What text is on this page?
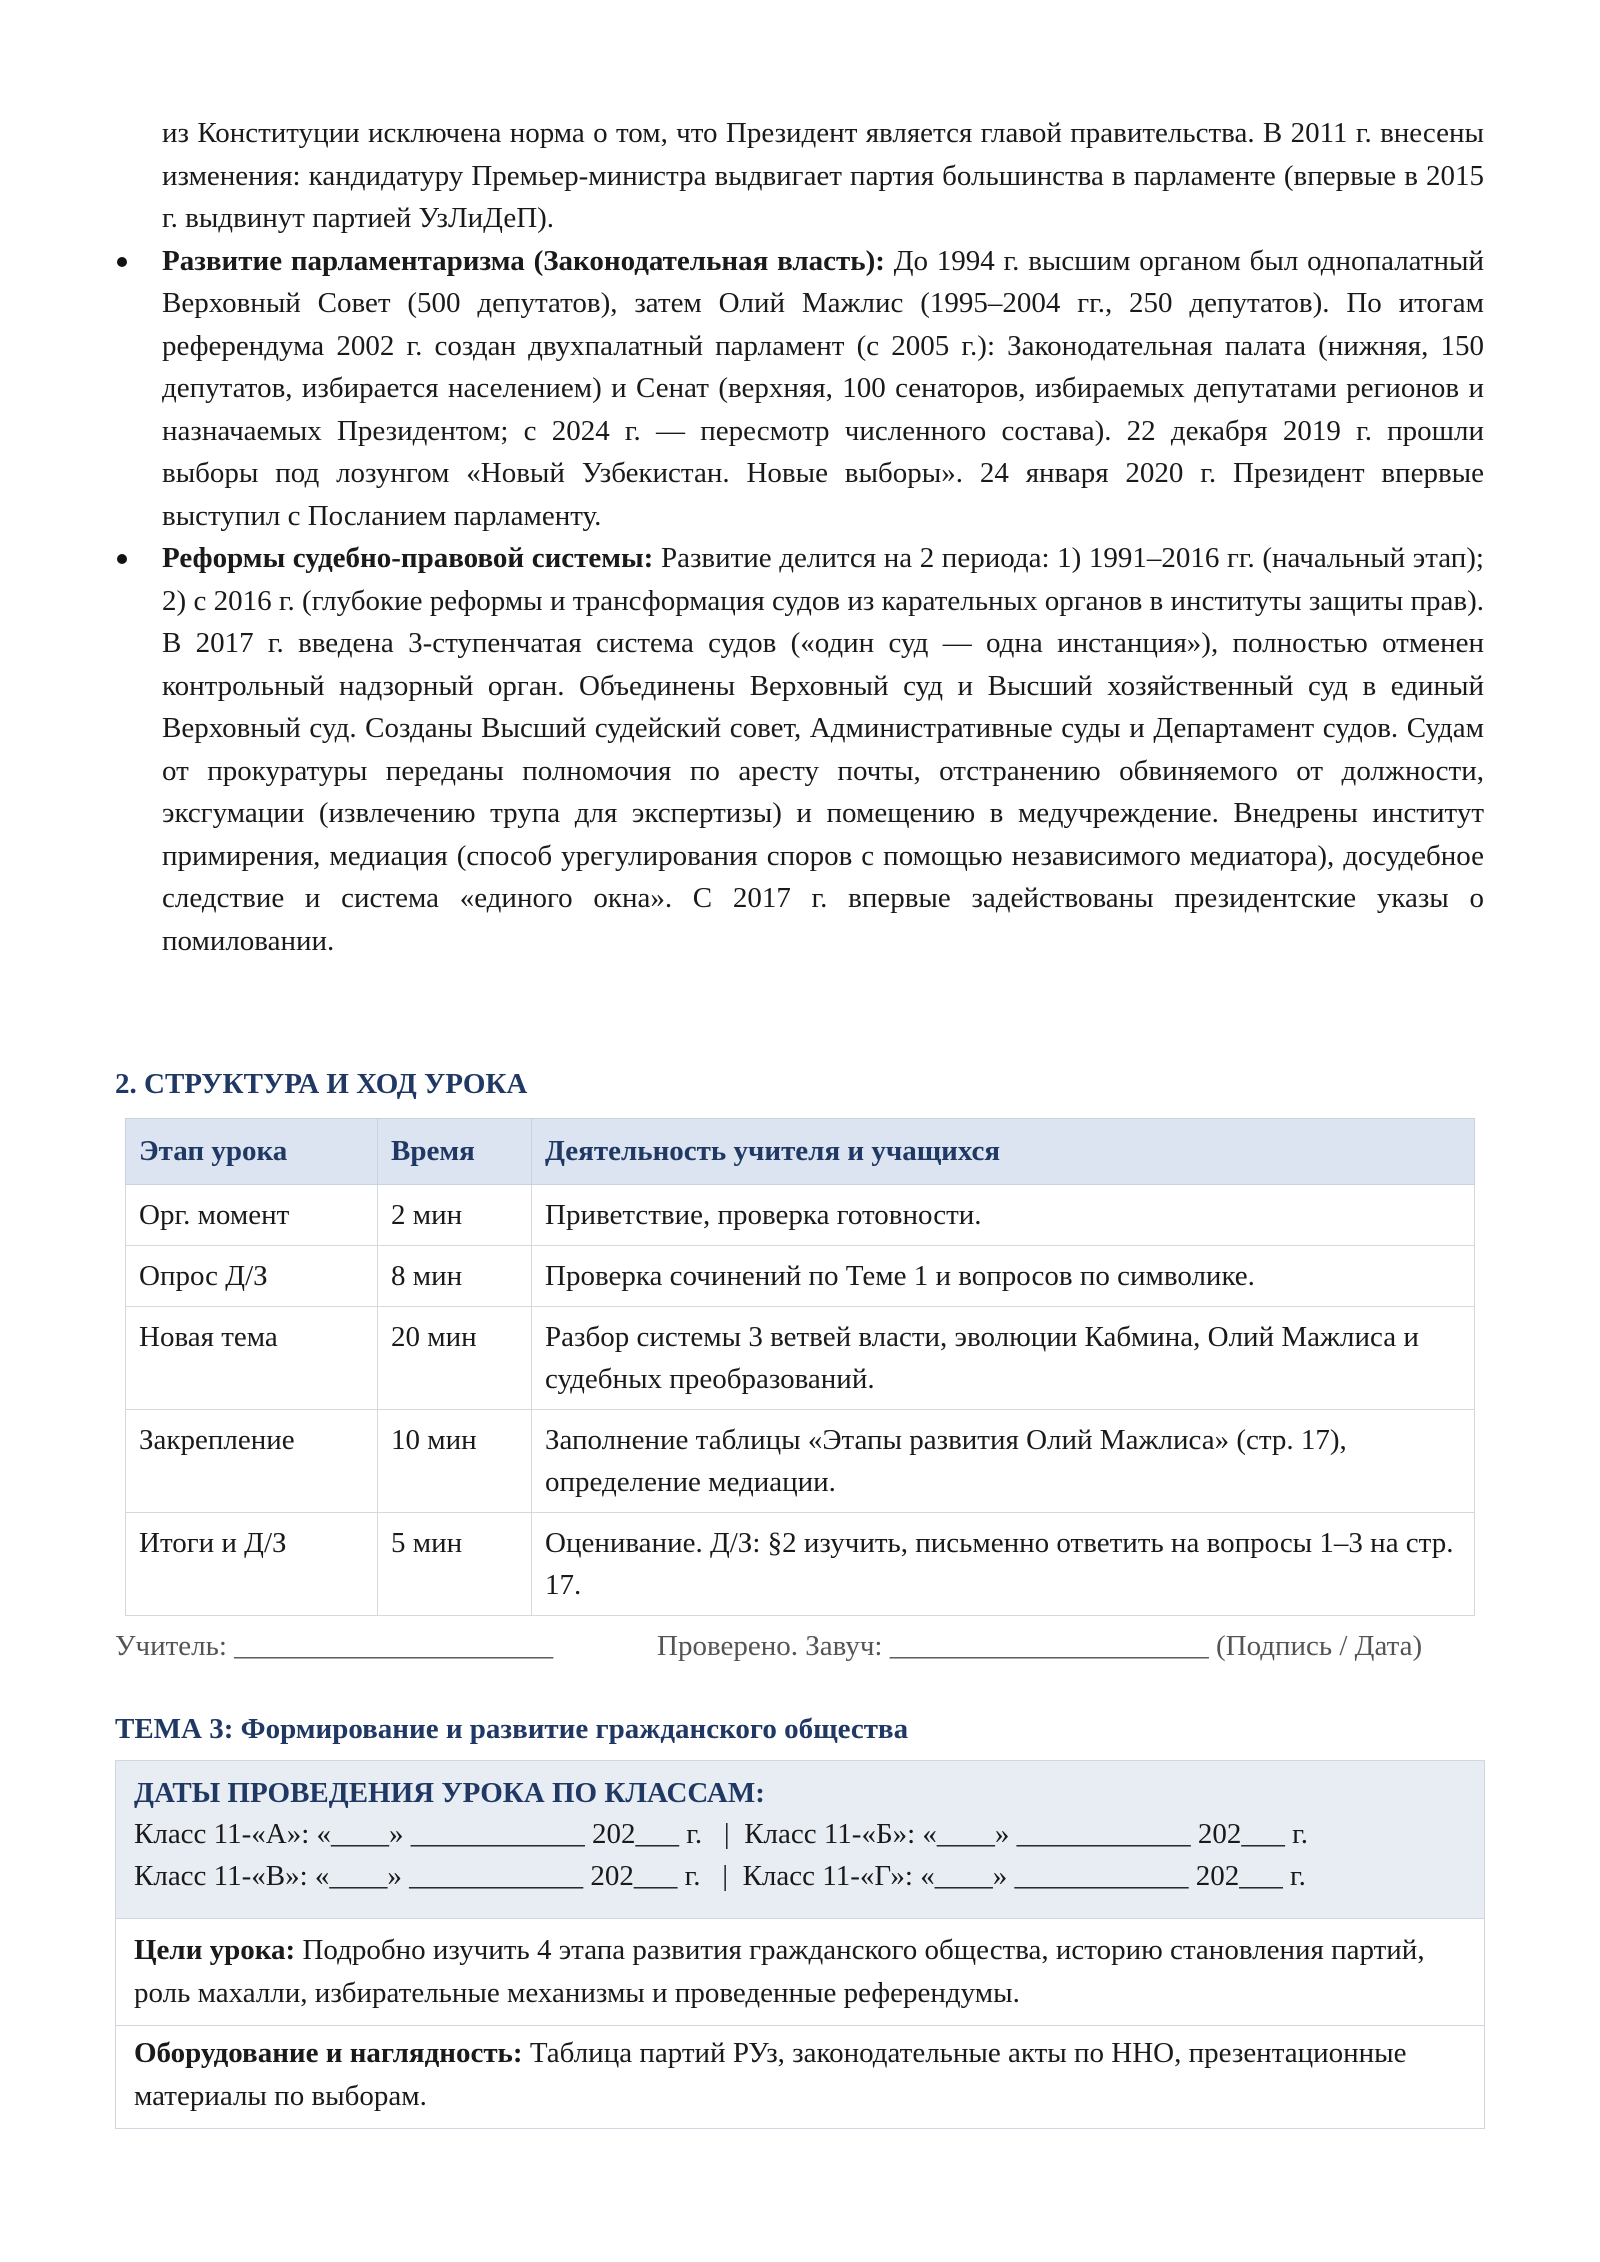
из Конституции исключена норма о том, что Президент является главой правительства. В 2011 г. внесены изменения: кандидатуру Премьер-министра выдвигает партия большинства в парламенте (впервые в 2015 г. выдвинут партией УзЛиДеП).

Развитие парламентаризма (Законодательная власть): До 1994 г. высшим органом был однопалатный Верховный Совет (500 депутатов), затем Олий Мажлис (1995–2004 гг., 250 депутатов). По итогам референдума 2002 г. создан двухпалатный парламент (с 2005 г.): Законодательная палата (нижняя, 150 депутатов, избирается населением) и Сенат (верхняя, 100 сенаторов, избираемых депутатами регионов и назначаемых Президентом; с 2024 г. — пересмотр численного состава). 22 декабря 2019 г. прошли выборы под лозунгом «Новый Узбекистан. Новые выборы». 24 января 2020 г. Президент впервые выступил с Посланием парламенту.

Реформы судебно-правовой системы: Развитие делится на 2 периода: 1) 1991–2016 гг. (начальный этап); 2) с 2016 г. (глубокие реформы и трансформация судов из карательных органов в институты защиты прав). В 2017 г. введена 3-ступенчатая система судов («один суд — одна инстанция»), полностью отменен контрольный надзорный орган. Объединены Верховный суд и Высший хозяйственный суд в единый Верховный суд. Созданы Высший судейский совет, Административные суды и Департамент судов. Судам от прокуратуры переданы полномочия по аресту почты, отстранению обвиняемого от должности, эксгумации (извлечению трупа для экспертизы) и помещению в медучреждение. Внедрены институт примирения, медиация (способ урегулирования споров с помощью независимого медиатора), досудебное следствие и система «единого окна». С 2017 г. впервые задействованы президентские указы о помиловании.

2. СТРУКТУРА И ХОД УРОКА
Этап урока	Время	Деятельность учителя и учащихся
Орг. момент	2 мин	Приветствие, проверка готовности.
Опрос Д/З	8 мин	Проверка сочинений по Теме 1 и вопросов по символике.
Новая тема	20 мин	Разбор системы 3 ветвей власти, эволюции Кабмина, Олий Мажлиса и судебных преобразований.
Закрепление	10 мин	Заполнение таблицы «Этапы развития Олий Мажлиса» (стр. 17), определение медиации.
Итоги и Д/З	5 мин	Оценивание. Д/З: §2 изучить, письменно ответить на вопросы 1–3 на стр. 17.
Учитель: ______________________	Проверено. Завуч: ______________________ (Подпись / Дата)
ТЕМА 3: Формирование и развитие гражданского общества
ДАТЫ ПРОВЕДЕНИЯ УРОКА ПО КЛАССАМ:
Класс 11-«А»: «____» ____________ 202___ г.   |  Класс 11-«Б»: «____» ____________ 202___ г.
Класс 11-«В»: «____» ____________ 202___ г.   |  Класс 11-«Г»: «____» ____________ 202___ г.
Цели урока: Подробно изучить 4 этапа развития гражданского общества, историю становления партий, роль махалли, избирательные механизмы и проведенные референдумы.
Оборудование и наглядность: Таблица партий РУз, законодательные акты по ННО, презентационные материалы по выборам.
